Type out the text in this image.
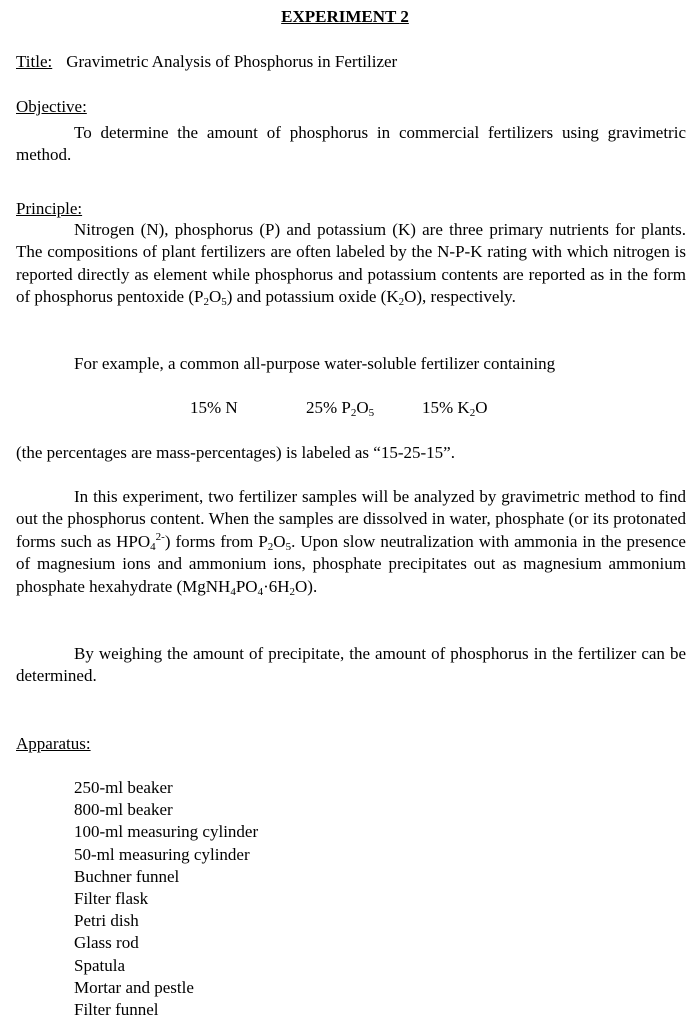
EXPERIMENT 2
Title: Gravimetric Analysis of Phosphorus in Fertilizer
Objective:

To determine the amount of phosphorus in commercial fertilizers using gravimetric method.

Principle:

Nitrogen (N), phosphorus (P) and potassium (K) are three primary nutrients for plants. The compositions of plant fertilizers are often labeled by the N-P-K rating with which nitrogen is reported directly as element while phosphorus and potassium contents are reported as in the form of phosphorus pentoxide $(P_2O_5)$ and potassium oxide $(K_2O)$, respectively.

For example, a common all-purpose water-soluble fertilizer containing

15% N	25% $P_2O_5$	15% $K_2O$

(the percentages are mass-percentages) is labeled as “15-25-15”.

In this experiment, two fertilizer samples will be analyzed by gravimetric method to find out the phosphorus content. When the samples are dissolved in water, phosphate (or its protonated forms such as $HPO_4^{2-}$) forms from $P_2O_5$. Upon slow neutralization with ammonia in the presence of magnesium ions and ammonium ions, phosphate precipitates out as magnesium ammonium phosphate hexahydrate $(MgNH_4PO_4\cdot 6H_2O)$.

By weighing the amount of precipitate, the amount of phosphorus in the fertilizer can be determined.

Apparatus:
250-ml beaker
800-ml beaker
100-ml measuring cylinder
50-ml measuring cylinder
Buchner funnel
Filter flask
Petri dish
Glass rod
Spatula
Mortar and pestle
Filter funnel
